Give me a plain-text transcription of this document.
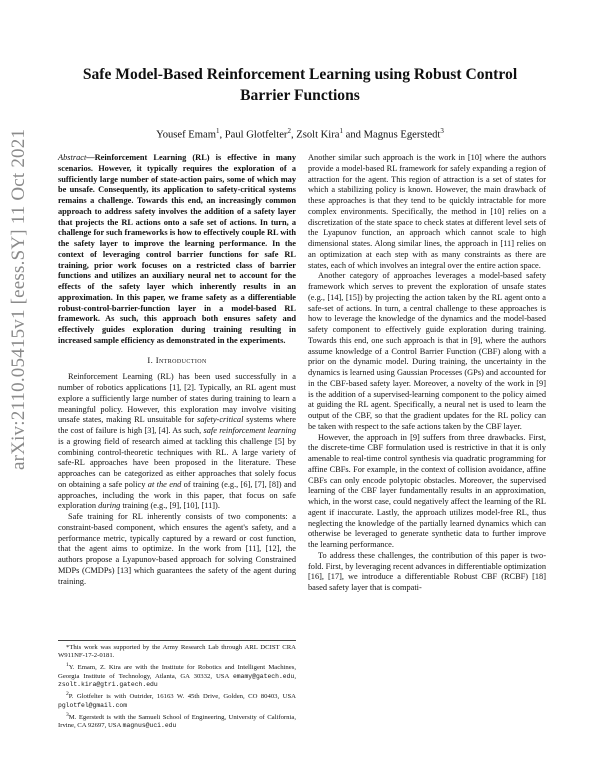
arXiv:2110.05415v1 [eess.SY] 11 Oct 2021
Safe Model-Based Reinforcement Learning using Robust Control Barrier Functions
Yousef Emam$^1$, Paul Glotfelter$^2$, Zsolt Kira$^1$ and Magnus Egerstedt$^3$

Abstract—Reinforcement Learning (RL) is effective in many scenarios. However, it typically requires the exploration of a sufficiently large number of state-action pairs, some of which may be unsafe. Consequently, its application to safety-critical systems remains a challenge. Towards this end, an increasingly common approach to address safety involves the addition of a safety layer that projects the RL actions onto a safe set of actions. In turn, a challenge for such frameworks is how to effectively couple RL with the safety layer to improve the learning performance. In the context of leveraging control barrier functions for safe RL training, prior work focuses on a restricted class of barrier functions and utilizes an auxiliary neural net to account for the effects of the safety layer which inherently results in an approximation. In this paper, we frame safety as a differentiable robust-control-barrier-function layer in a model-based RL framework. As such, this approach both ensures safety and effectively guides exploration during training resulting in increased sample efficiency as demonstrated in the experiments.

I. Introduction

Reinforcement Learning (RL) has been used successfully in a number of robotics applications [1], [2]. Typically, an RL agent must explore a sufficiently large number of states during training to learn a meaningful policy. However, this exploration may involve visiting unsafe states, making RL unsuitable for safety-critical systems where the cost of failure is high [3], [4]. As such, safe reinforcement learning is a growing field of research aimed at tackling this challenge [5] by combining control-theoretic techniques with RL. A large variety of safe-RL approaches have been proposed in the literature. These approaches can be categorized as either approaches that solely focus on obtaining a safe policy at the end of training (e.g., [6], [7], [8]) and approaches, including the work in this paper, that focus on safe exploration during training (e.g., [9], [10], [11]).

Safe training for RL inherently consists of two components: a constraint-based component, which ensures the agent's safety, and a performance metric, typically captured by a reward or cost function, that the agent aims to optimize. In the work from [11], [12], the authors propose a Lyapunov-based approach for solving Constrained MDPs (CMDPs) [13] which guarantees the safety of the agent during training.

*This work was supported by the Army Research Lab through ARL DCIST CRA W911NF-17-2-0181.

$^1$Y. Emam, Z. Kira are with the Institute for Robotics and Intelligent Machines, Georgia Institute of Technology, Atlanta, GA 30332, USA emamy@gatech.edu, zsolt.kira@gtri.gatech.edu

$^2$P. Glotfelter is with Outrider, 16163 W. 45th Drive, Golden, CO 80403, USA pglotfel@gmail.com

$^3$M. Egerstedt is with the Samueli School of Engineering, University of California, Irvine, CA 92697, USA magnus@uci.edu

Another similar such approach is the work in [10] where the authors provide a model-based RL framework for safely expanding a region of attraction for the agent. This region of attraction is a set of states for which a stabilizing policy is known. However, the main drawback of these approaches is that they tend to be quickly intractable for more complex environments. Specifically, the method in [10] relies on a discretization of the state space to check states at different level sets of the Lyapunov function, an approach which cannot scale to high dimensional states. Along similar lines, the approach in [11] relies on an optimization at each step with as many constraints as there are states, each of which involves an integral over the entire action space.

Another category of approaches leverages a model-based safety framework which serves to prevent the exploration of unsafe states (e.g., [14], [15]) by projecting the action taken by the RL agent onto a safe-set of actions. In turn, a central challenge to these approaches is how to leverage the knowledge of the dynamics and the model-based safety component to effectively guide exploration during training. Towards this end, one such approach is that in [9], where the authors assume knowledge of a Control Barrier Function (CBF) along with a prior on the dynamic model. During training, the uncertainty in the dynamics is learned using Gaussian Processes (GPs) and accounted for in the CBF-based safety layer. Moreover, a novelty of the work in [9] is the addition of a supervised-learning component to the policy aimed at guiding the RL agent. Specifically, a neural net is used to learn the output of the CBF, so that the gradient updates for the RL policy can be taken with respect to the safe actions taken by the CBF layer.

However, the approach in [9] suffers from three drawbacks. First, the discrete-time CBF formulation used is restrictive in that it is only amenable to real-time control synthesis via quadratic programming for affine CBFs. For example, in the context of collision avoidance, affine CBFs can only encode polytopic obstacles. Moreover, the supervised learning of the CBF layer fundamentally results in an approximation, which, in the worst case, could negatively affect the learning of the RL agent if inaccurate. Lastly, the approach utilizes model-free RL, thus neglecting the knowledge of the partially learned dynamics which can otherwise be leveraged to generate synthetic data to further improve the learning performance.

To address these challenges, the contribution of this paper is two-fold. First, by leveraging recent advances in differentiable optimization [16], [17], we introduce a differentiable Robust CBF (RCBF) [18] based safety layer that is compati-
